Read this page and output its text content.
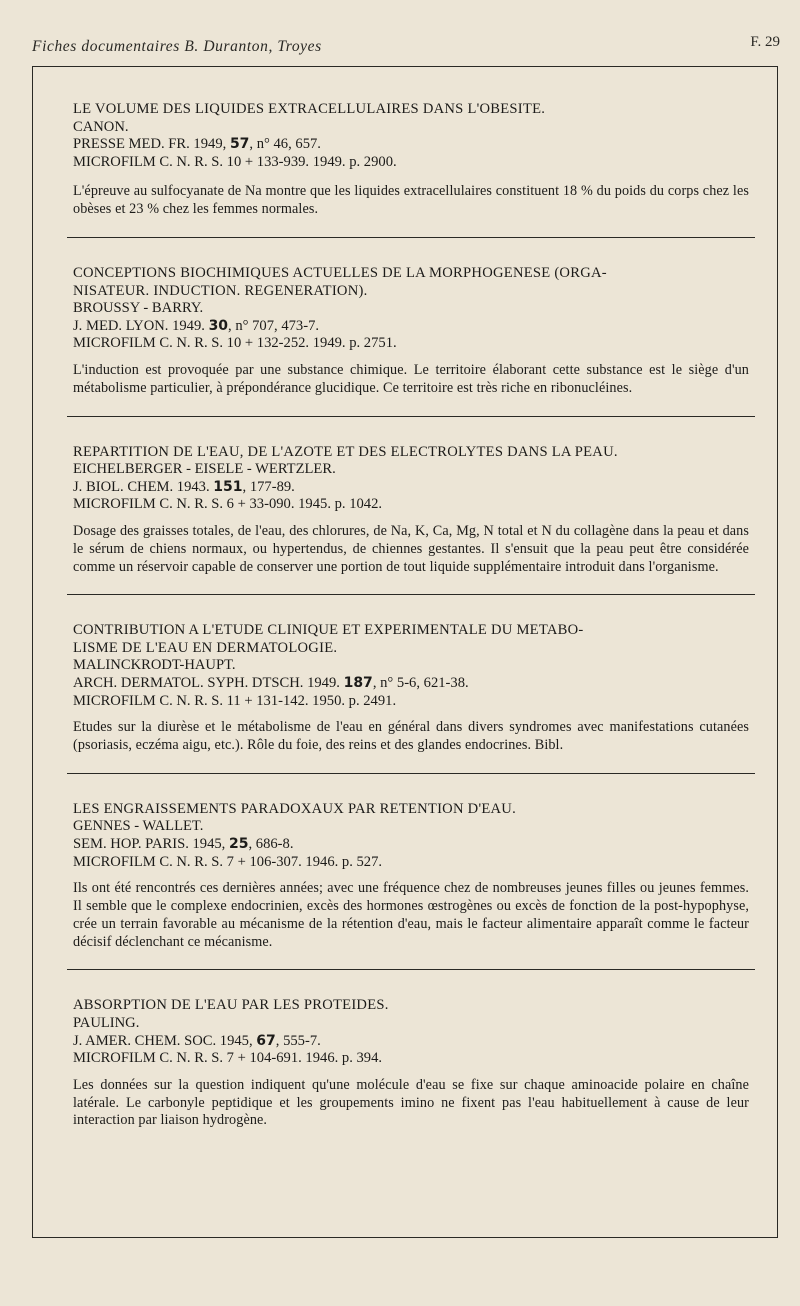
Fiches documentaires B. Duranton, Troyes	F. 29
LE VOLUME DES LIQUIDES EXTRACELLULAIRES DANS L'OBESITE.
CANON.
PRESSE MED. FR. 1949, 57, n° 46, 657.
MICROFILM C. N. R. S. 10 + 133-939. 1949. p. 2900.
L'épreuve au sulfocyanate de Na montre que les liquides extracellulaires constituent 18 % du poids du corps chez les obèses et 23 % chez les femmes normales.
CONCEPTIONS BIOCHIMIQUES ACTUELLES DE LA MORPHOGENESE (ORGA-
NISATEUR. INDUCTION. REGENERATION).
BROUSSY - BARRY.
J. MED. LYON. 1949. 30, n° 707, 473-7.
MICROFILM C. N. R. S. 10 + 132-252. 1949. p. 2751.
L'induction est provoquée par une substance chimique. Le territoire élaborant cette substance est le siège d'un métabolisme particulier, à prépondérance glucidique. Ce territoire est très riche en ribonucléines.
REPARTITION DE L'EAU, DE L'AZOTE ET DES ELECTROLYTES DANS LA PEAU.
EICHELBERGER - EISELE - WERTZLER.
J. BIOL. CHEM. 1943. 151, 177-89.
MICROFILM C. N. R. S. 6 + 33-090. 1945. p. 1042.
Dosage des graisses totales, de l'eau, des chlorures, de Na, K, Ca, Mg, N total et N du collagène dans la peau et dans le sérum de chiens normaux, ou hypertendus, de chiennes gestantes. Il s'ensuit que la peau peut être considérée comme un réservoir capable de conserver une portion de tout liquide supplémentaire introduit dans l'organisme.
CONTRIBUTION A L'ETUDE CLINIQUE ET EXPERIMENTALE DU METABO-
LISME DE L'EAU EN DERMATOLOGIE.
MALINCKRODT-HAUPT.
ARCH. DERMATOL. SYPH. DTSCH. 1949. 187, n° 5-6, 621-38.
MICROFILM C. N. R. S. 11 + 131-142. 1950. p. 2491.
Etudes sur la diurèse et le métabolisme de l'eau en général dans divers syndromes avec manifestations cutanées (psoriasis, eczéma aigu, etc.). Rôle du foie, des reins et des glandes endocrines. Bibl.
LES ENGRAISSEMENTS PARADOXAUX PAR RETENTION D'EAU.
GENNES - WALLET.
SEM. HOP. PARIS. 1945, 25, 686-8.
MICROFILM C. N. R. S. 7 + 106-307. 1946. p. 527.
Ils ont été rencontrés ces dernières années; avec une fréquence chez de nombreuses jeunes filles ou jeunes femmes. Il semble que le complexe endocrinien, excès des hormones œstrogènes ou excès de fonction de la post-hypophyse, crée un terrain favorable au mécanisme de la rétention d'eau, mais le facteur alimentaire apparaît comme le facteur décisif déclenchant ce mécanisme.
ABSORPTION DE L'EAU PAR LES PROTEIDES.
PAULING.
J. AMER. CHEM. SOC. 1945, 67, 555-7.
MICROFILM C. N. R. S. 7 + 104-691. 1946. p. 394.
Les données sur la question indiquent qu'une molécule d'eau se fixe sur chaque aminoacide polaire en chaîne latérale. Le carbonyle peptidique et les groupements imino ne fixent pas l'eau habituellement à cause de leur interaction par liaison hydrogène.
